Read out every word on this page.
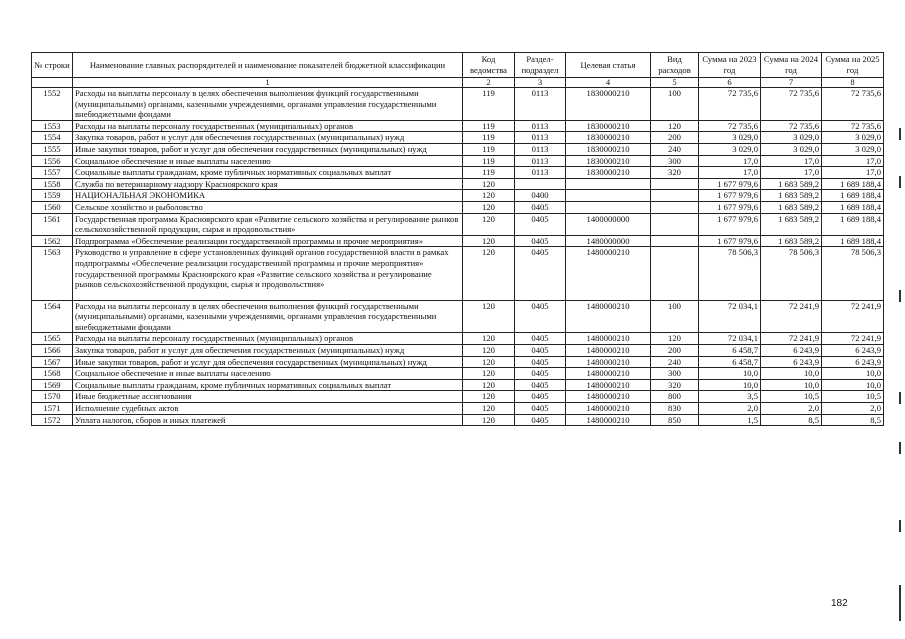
№ строки	Наименование главных распорядителей и наименование показателей бюджетной классификации	Код ведомства	Раздел-подраздел	Целевая статья	Вид расходов	Сумма на 2023 год	Сумма на 2024 год	Сумма на 2025 год
	1	2	3	4	5	6	7	8
1552	Расходы на выплаты персоналу в целях обеспечения выполнения функций государственными (муниципальными) органами, казенными учреждениями, органами управления государственными внебюджетными фондами	119	0113	1830000210	100	72 735,6	72 735,6	72 735,6
1553	Расходы на выплаты персоналу государственных (муниципальных) органов	119	0113	1830000210	120	72 735,6	72 735,6	72 735,6
1554	Закупка товаров, работ и услуг для обеспечения государственных (муниципальных) нужд	119	0113	1830000210	200	3 029,0	3 029,0	3 029,0
1555	Иные закупки товаров, работ и услуг для обеспечения государственных (муниципальных) нужд	119	0113	1830000210	240	3 029,0	3 029,0	3 029,0
1556	Социальное обеспечение и иные выплаты населению	119	0113	1830000210	300	17,0	17,0	17,0
1557	Социальные выплаты гражданам, кроме публичных нормативных социальных выплат	119	0113	1830000210	320	17,0	17,0	17,0
1558	Служба по ветеринарному надзору Красноярского края	120				1 677 979,6	1 683 589,2	1 689 188,4
1559	НАЦИОНАЛЬНАЯ ЭКОНОМИКА	120	0400			1 677 979,6	1 683 589,2	1 689 188,4
1560	Сельское хозяйство и рыболовство	120	0405			1 677 979,6	1 683 589,2	1 689 188,4
1561	Государственная программа Красноярского края «Развитие сельского хозяйства и регулирование рынков сельскохозяйственной продукции, сырья и продовольствия»	120	0405	1400000000		1 677 979,6	1 683 589,2	1 689 188,4
1562	Подпрограмма «Обеспечение реализации государственной программы и прочие мероприятия»	120	0405	1480000000		1 677 979,6	1 683 589,2	1 689 188,4
1563	Руководство и управление в сфере установленных функций органов государственной власти в рамках подпрограммы «Обеспечение реализации государственной программы и прочие мероприятия» государственной программы Красноярского края «Развитие сельского хозяйства и регулирование рынков сельскохозяйственной продукции, сырья и продовольствия»	120	0405	1480000210		78 506,3	78 506,3	78 506,3
1564	Расходы на выплаты персоналу в целях обеспечения выполнения функций государственными (муниципальными) органами, казенными учреждениями, органами управления государственными внебюджетными фондами	120	0405	1480000210	100	72 034,1	72 241,9	72 241,9
1565	Расходы на выплаты персоналу государственных (муниципальных) органов	120	0405	1480000210	120	72 034,1	72 241,9	72 241,9
1566	Закупка товаров, работ и услуг для обеспечения государственных (муниципальных) нужд	120	0405	1480000210	200	6 458,7	6 243,9	6 243,9
1567	Иные закупки товаров, работ и услуг для обеспечения государственных (муниципальных) нужд	120	0405	1480000210	240	6 458,7	6 243,9	6 243,9
1568	Социальное обеспечение и иные выплаты населению	120	0405	1480000210	300	10,0	10,0	10,0
1569	Социальные выплаты гражданам, кроме публичных нормативных социальных выплат	120	0405	1480000210	320	10,0	10,0	10,0
1570	Иные бюджетные ассигнования	120	0405	1480000210	800	3,5	10,5	10,5
1571	Исполнение судебных актов	120	0405	1480000210	830	2,0	2,0	2,0
1572	Уплата налогов, сборов и иных платежей	120	0405	1480000210	850	1,5	8,5	8,5
182
